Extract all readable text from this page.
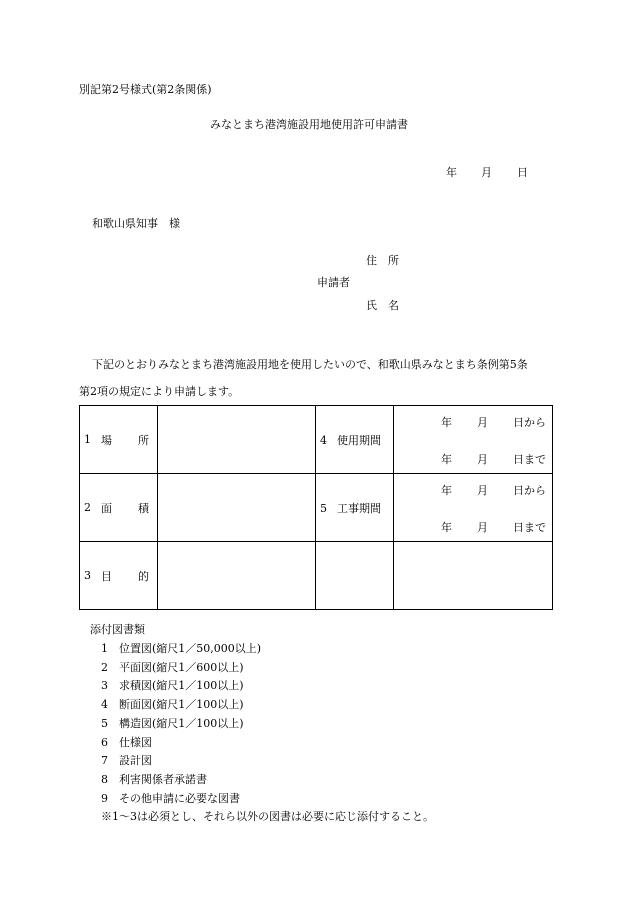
別記第2号様式(第2条関係)
みなとまち港湾施設用地使用許可申請書
年 月 日
和歌山県知事　様
住　所
申請者
氏　名
下記のとおりみなとまち港湾施設用地を使用したいので、和歌山県みなとまち条例第5条
第2項の規定により申請します。
1 場所		4 使用期間	年 月 日から
年 月 日まで

2 面積		5 工事期間	年 月 日から
年 月 日まで

3 目的			

添付図書類
1 位置図(縮尺1／50,000以上)
2 平面図(縮尺1／600以上)
3 求積図(縮尺1／100以上)
4 断面図(縮尺1／100以上)
5 構造図(縮尺1／100以上)
6 仕様図
7 設計図
8 利害関係者承諾書
9 その他申請に必要な図書
※1～3は必須とし、それら以外の図書は必要に応じ添付すること。
